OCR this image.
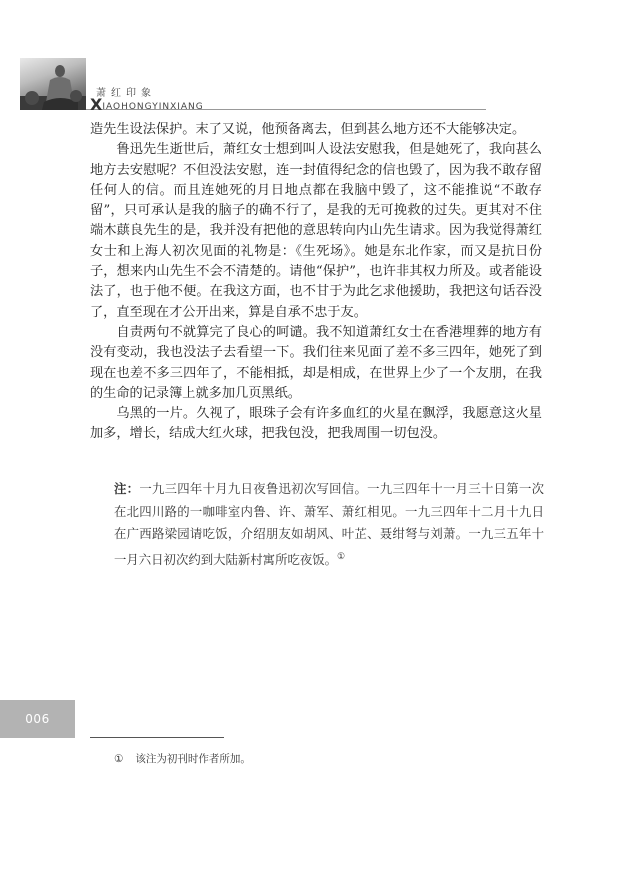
萧红印象
XIAOHONGYINXIANG

造先生设法保护。末了又说，他预备离去，但到甚么地方还不大能够决定。

鲁迅先生逝世后，萧红女士想到叫人设法安慰我，但是她死了，我向甚么地方去安慰呢？不但没法安慰，连一封值得纪念的信也毁了，因为我不敢存留任何人的信。而且连她死的月日地点都在我脑中毁了，这不能推说“不敢存留”，只可承认是我的脑子的确不行了，是我的无可挽救的过失。更其对不住端木蕻良先生的是，我并没有把他的意思转向内山先生请求。因为我觉得萧红女士和上海人初次见面的礼物是：《生死场》。她是东北作家，而又是抗日份子，想来内山先生不会不清楚的。请他“保护”，也许非其权力所及。或者能设法了，也于他不便。在我这方面，也不甘于为此乞求他援助，我把这句话吞没了，直至现在才公开出来，算是自承不忠于友。

自责两句不就算完了良心的呵谴。我不知道萧红女士在香港埋葬的地方有没有变动，我也没法子去看望一下。我们往来见面了差不多三四年，她死了到现在也差不多三四年了，不能相抵，却是相成，在世界上少了一个友朋，在我的生命的记录簿上就多加几页黑纸。

乌黑的一片。久视了，眼珠子会有许多血红的火星在飘浮，我愿意这火星加多，增长，结成大红火球，把我包没，把我周围一切包没。

注：一九三四年十月九日夜鲁迅初次写回信。一九三四年十一月三十日第一次在北四川路的一咖啡室内鲁、许、萧军、萧红相见。一九三四年十二月十九日在广西路梁园请吃饭，介绍朋友如胡风、叶芷、聂绀弩与刘萧。一九三五年十一月六日初次约到大陆新村寓所吃夜饭。①
006
① 该注为初刊时作者所加。
